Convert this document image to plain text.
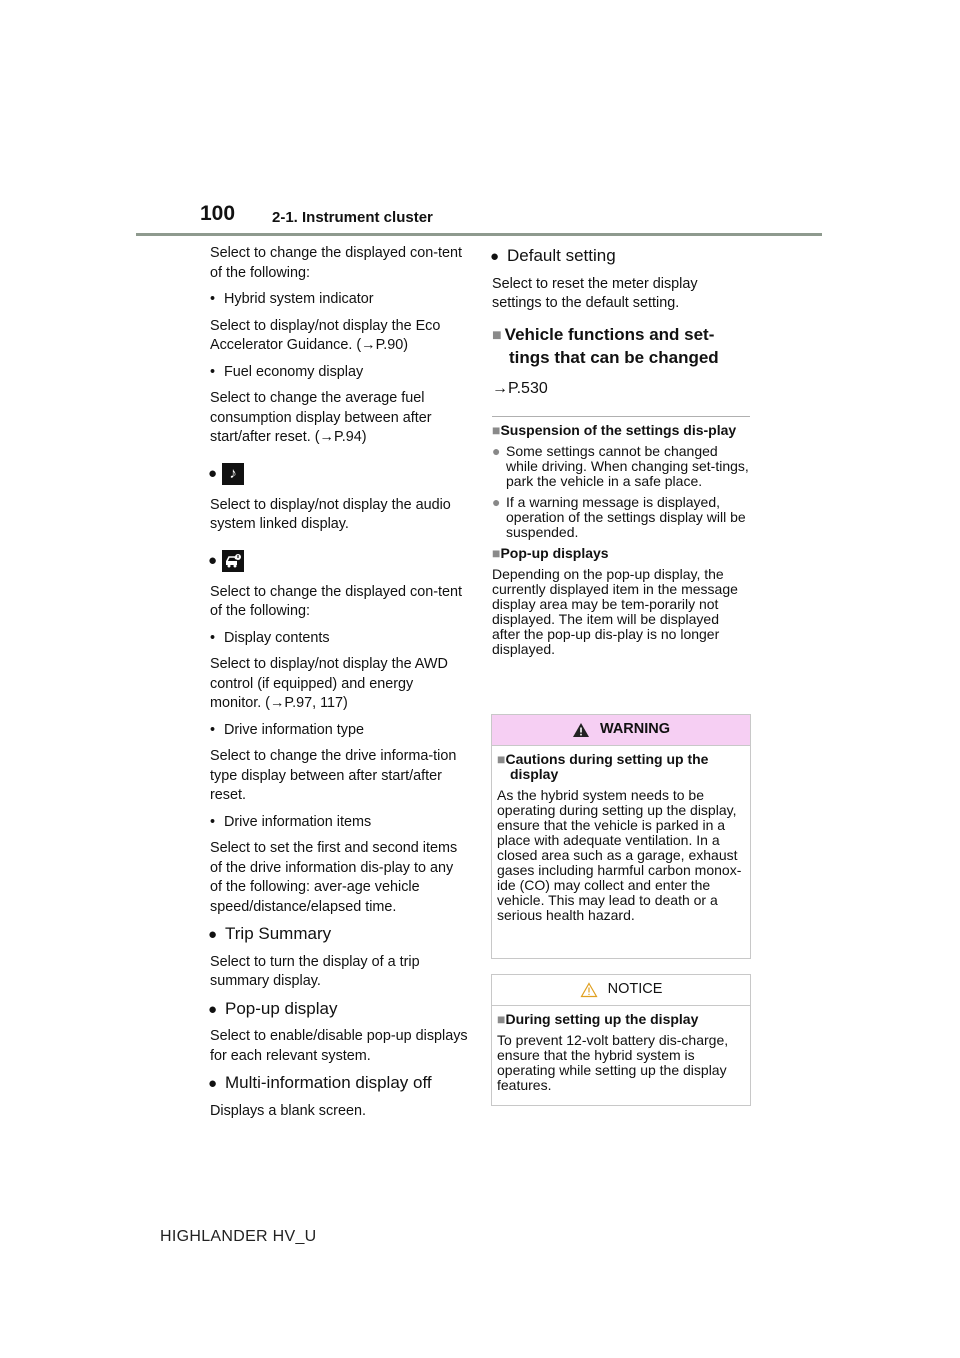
100 2-1. Instrument cluster

Select to change the displayed con-tent of the following:

• Hybrid system indicator

Select to display/not display the Eco Accelerator Guidance. (→P.90)

• Fuel economy display

Select to change the average fuel consumption display between after start/after reset. (→P.94)

● ♪

Select to display/not display the audio system linked display.

●

Select to change the displayed con-tent of the following:

• Display contents

Select to display/not display the AWD control (if equipped) and energy monitor. (→P.97, 117)

• Drive information type

Select to change the drive informa-tion type display between after start/after reset.

• Drive information items

Select to set the first and second items of the drive information dis-play to any of the following: aver-age vehicle speed/distance/elapsed time.

● Trip Summary

Select to turn the display of a trip summary display.

● Pop-up display

Select to enable/disable pop-up displays for each relevant system.

● Multi-information display off

Displays a blank screen.

● Default setting

Select to reset the meter display settings to the default setting.

■ Vehicle functions and set-tings that can be changed
→P.530
■Suspension of the settings dis-play
● Some settings cannot be changed while driving. When changing set-tings, park the vehicle in a safe place.
● If a warning message is displayed, operation of the settings display will be suspended.
■Pop-up displays
Depending on the pop-up display, the currently displayed item in the message display area may be tem-porarily not displayed. The item will be displayed after the pop-up dis-play is no longer displayed.
WARNING
■Cautions during setting up the display
As the hybrid system needs to be operating during setting up the display, ensure that the vehicle is parked in a place with adequate ventilation. In a closed area such as a garage, exhaust gases including harmful carbon monox-ide (CO) may collect and enter the vehicle. This may lead to death or a serious health hazard.
NOTICE
■During setting up the display
To prevent 12-volt battery dis-charge, ensure that the hybrid system is operating while setting up the display features.
HIGHLANDER HV_U
